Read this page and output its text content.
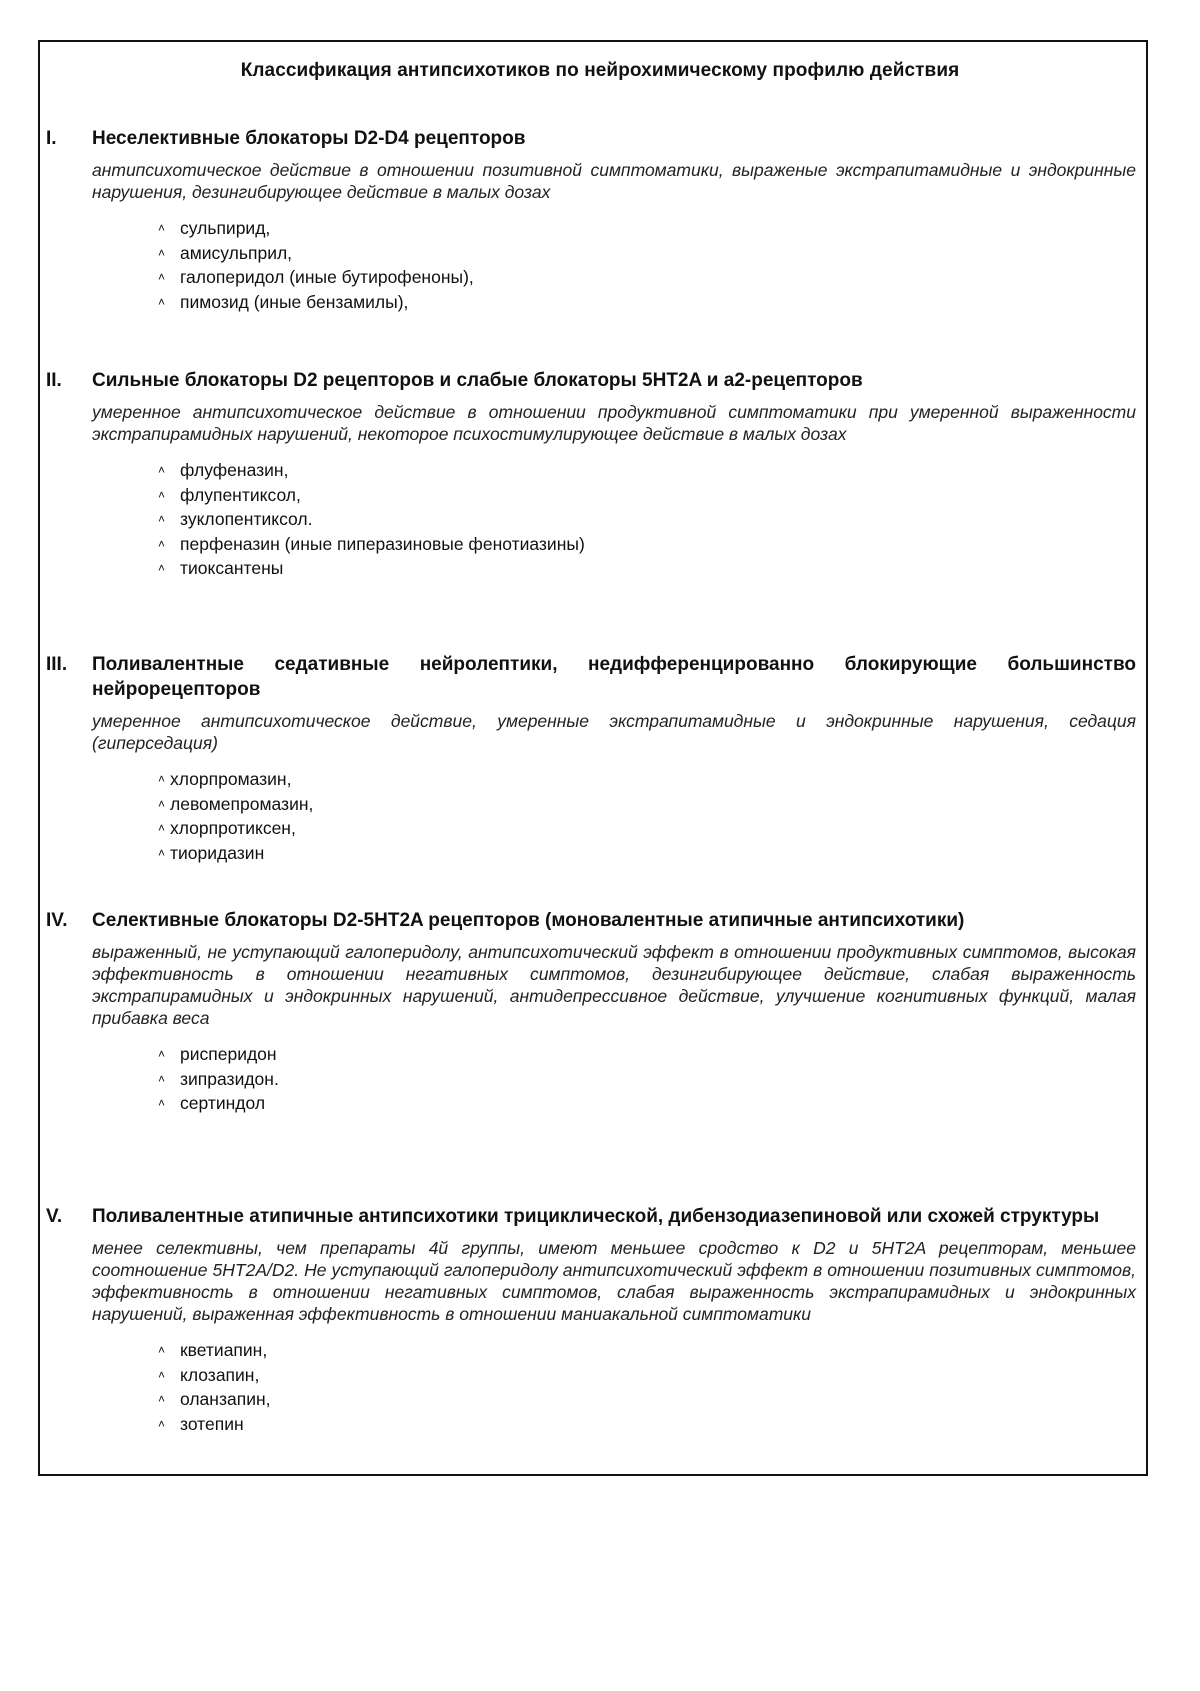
Классификация антипсихотиков по нейрохимическому профилю действия
I.	Неселективные блокаторы D2-D4 рецепторов

антипсихотическое действие в отношении позитивной симптоматики, выраженые экстрапитамидные и эндокринные нарушения, дезингибирующее действие в малых дозах

˄ сульпирид,
˄ амисульприл,
˄ галоперидол (иные бутирофеноны),
˄ пимозид (иные бензамилы),
II.	Сильные блокаторы D2 рецепторов и слабые блокаторы 5HT2A и a2-рецепторов

умеренное антипсихотическое действие в отношении продуктивной симптоматики при умеренной выраженности экстрапирамидных нарушений, некоторое психостимулирующее действие в малых дозах

˄ флуфеназин,
˄ флупентиксол,
˄ зуклопентиксол.
˄ перфеназин (иные пиперазиновые фенотиазины)
˄ тиоксантены
III.	Поливалентные седативные нейролептики, недифференцированно блокирующие большинство нейрорецепторов

умеренное антипсихотическое действие, умеренные экстрапитамидные и эндокринные нарушения, седация (гиперседация)

˄ хлорпромазин,
˄ левомепромазин,
˄ хлорпротиксен,
˄ тиоридазин
IV.	Селективные блокаторы D2-5HT2A рецепторов (моновалентные атипичные антипсихотики)

выраженный, не уступающий галоперидолу, антипсихотический эффект в отношении продуктивных симптомов, высокая эффективность в отношении негативных симптомов, дезингибирующее действие, слабая выраженность экстрапирамидных и эндокринных нарушений, антидепрессивное действие, улучшение когнитивных функций, малая прибавка веса

˄ рисперидон
˄ зипразидон.
˄ сертиндол
V.	Поливалентные атипичные антипсихотики трициклической, дибензодиазепиновой или схожей структуры

менее селективны, чем препараты 4й группы, имеют меньшее сродство к D2 и 5HT2A рецепторам, меньшее соотношение 5HT2A/D2. Не уступающий галоперидолу антипсихотический эффект в отношении позитивных симптомов, эффективность в отношении негативных симптомов, слабая выраженность экстрапирамидных и эндокринных нарушений, выраженная эффективность в отношении маниакальной симптоматики

˄ кветиапин,
˄ клозапин,
˄ оланзапин,
˄ зотепин
